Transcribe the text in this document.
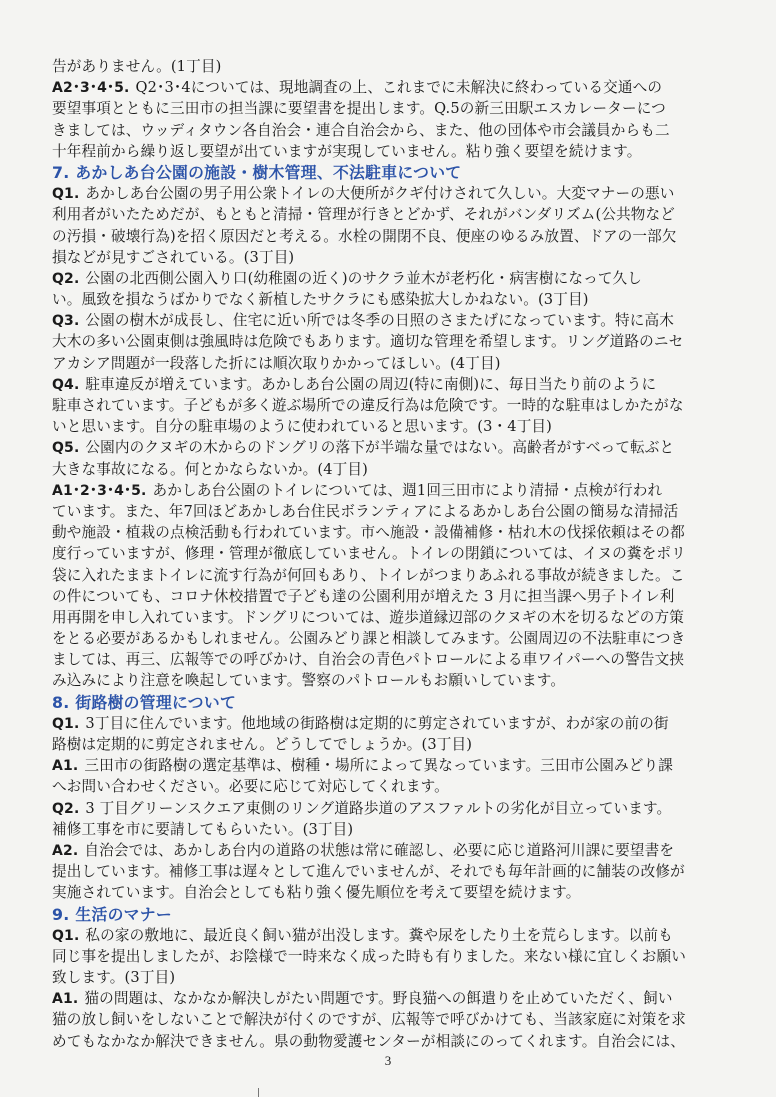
告がありません。(1丁目)
A2･3･4･5. Q2･3･4については、現地調査の上、これまでに未解決に終わっている交通への
要望事項とともに三田市の担当課に要望書を提出します。Q.5の新三田駅エスカレーターにつ
きましては、ウッディタウン各自治会・連合自治会から、また、他の団体や市会議員からも二
十年程前から繰り返し要望が出ていますが実現していません。粘り強く要望を続けます。
7. あかしあ台公園の施設・樹木管理、不法駐車について
Q1. あかしあ台公園の男子用公衆トイレの大便所がクギ付けされて久しい。大変マナーの悪い
利用者がいたためだが、もともと清掃・管理が行きとどかず、それがバンダリズム(公共物など
の汚損・破壊行為)を招く原因だと考える。水栓の開閉不良、便座のゆるみ放置、ドアの一部欠
損などが見すごされている。(3丁目)
Q2. 公園の北西側公園入り口(幼稚園の近く)のサクラ並木が老朽化・病害樹になって久し
い。風致を損なうばかりでなく新植したサクラにも感染拡大しかねない。(3丁目)
Q3. 公園の樹木が成長し、住宅に近い所では冬季の日照のさまたげになっています。特に高木
大木の多い公園東側は強風時は危険でもあります。適切な管理を希望します。リング道路のニセ
アカシア問題が一段落した折には順次取りかかってほしい。(4丁目)
Q4. 駐車違反が増えています。あかしあ台公園の周辺(特に南側)に、毎日当たり前のように
駐車されています。子どもが多く遊ぶ場所での違反行為は危険です。一時的な駐車はしかたがな
いと思います。自分の駐車場のように使われていると思います。(3・4丁目)
Q5. 公園内のクヌギの木からのドングリの落下が半端な量ではない。高齢者がすべって転ぶと
大きな事故になる。何とかならないか。(4丁目)
A1･2･3･4･5. あかしあ台公園のトイレについては、週1回三田市により清掃・点検が行われ
ています。また、年7回ほどあかしあ台住民ボランティアによるあかしあ台公園の簡易な清掃活
動や施設・植栽の点検活動も行われています。市へ施設・設備補修・枯れ木の伐採依頼はその都
度行っていますが、修理・管理が徹底していません。トイレの閉鎖については、イヌの糞をポリ
袋に入れたままトイレに流す行為が何回もあり、トイレがつまりあふれる事故が続きました。こ
の件についても、コロナ休校措置で子ども達の公園利用が増えた 3 月に担当課へ男子トイレ利
用再開を申し入れています。ドングリについては、遊歩道縁辺部のクヌギの木を切るなどの方策
をとる必要があるかもしれません。公園みどり課と相談してみます。公園周辺の不法駐車につき
ましては、再三、広報等での呼びかけ、自治会の青色パトロールによる車ワイパーへの警告文挟
み込みにより注意を喚起しています。警察のパトロールもお願いしています。
8. 街路樹の管理について
Q1. 3丁目に住んでいます。他地域の街路樹は定期的に剪定されていますが、わが家の前の街
路樹は定期的に剪定されません。どうしてでしょうか。(3丁目)
A1. 三田市の街路樹の選定基準は、樹種・場所によって異なっています。三田市公園みどり課
へお問い合わせください。必要に応じて対応してくれます。
Q2. 3 丁目グリーンスクエア東側のリング道路歩道のアスファルトの劣化が目立っています。
補修工事を市に要請してもらいたい。(3丁目)
A2. 自治会では、あかしあ台内の道路の状態は常に確認し、必要に応じ道路河川課に要望書を
提出しています。補修工事は遅々として進んでいませんが、それでも毎年計画的に舗装の改修が
実施されています。自治会としても粘り強く優先順位を考えて要望を続けます。
9. 生活のマナー
Q1. 私の家の敷地に、最近良く飼い猫が出没します。糞や尿をしたり土を荒らします。以前も
同じ事を提出しましたが、お陰様で一時来なく成った時も有りました。来ない様に宜しくお願い
致します。(3丁目)
A1. 猫の問題は、なかなか解決しがたい問題です。野良猫への餌遣りを止めていただく、飼い
猫の放し飼いをしないことで解決が付くのですが、広報等で呼びかけても、当該家庭に対策を求
めてもなかなか解決できません。県の動物愛護センターが相談にのってくれます。自治会には、
3
